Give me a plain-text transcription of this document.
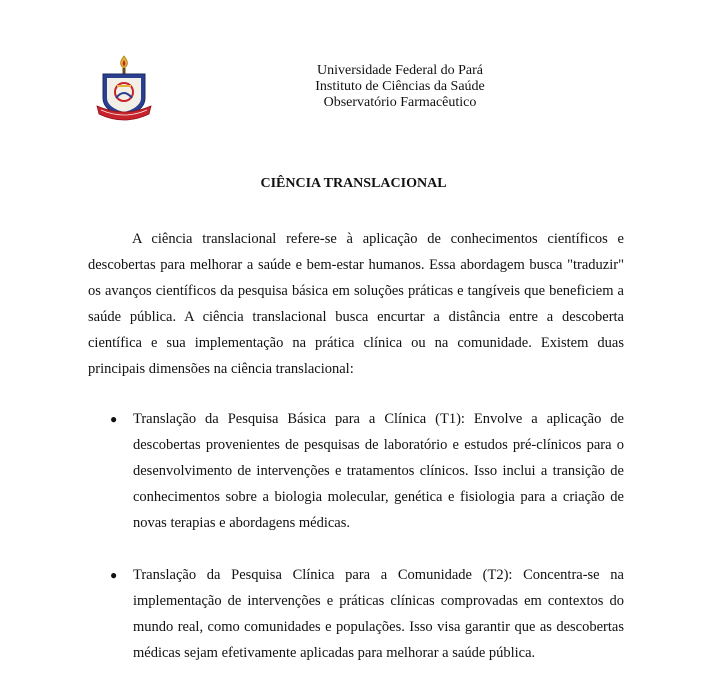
Universidade Federal do Pará
Instituto de Ciências da Saúde
Observatório Farmacêutico
CIÊNCIA TRANSLACIONAL

A ciência translacional refere-se à aplicação de conhecimentos científicos e descobertas para melhorar a saúde e bem-estar humanos. Essa abordagem busca "traduzir" os avanços científicos da pesquisa básica em soluções práticas e tangíveis que beneficiem a saúde pública. A ciência translacional busca encurtar a distância entre a descoberta científica e sua implementação na prática clínica ou na comunidade. Existem duas principais dimensões na ciência translacional:

● Translação da Pesquisa Básica para a Clínica (T1): Envolve a aplicação de descobertas provenientes de pesquisas de laboratório e estudos pré-clínicos para o desenvolvimento de intervenções e tratamentos clínicos. Isso inclui a transição de conhecimentos sobre a biologia molecular, genética e fisiologia para a criação de novas terapias e abordagens médicas.
● Translação da Pesquisa Clínica para a Comunidade (T2): Concentra-se na implementação de intervenções e práticas clínicas comprovadas em contextos do mundo real, como comunidades e populações. Isso visa garantir que as descobertas médicas sejam efetivamente aplicadas para melhorar a saúde pública.
